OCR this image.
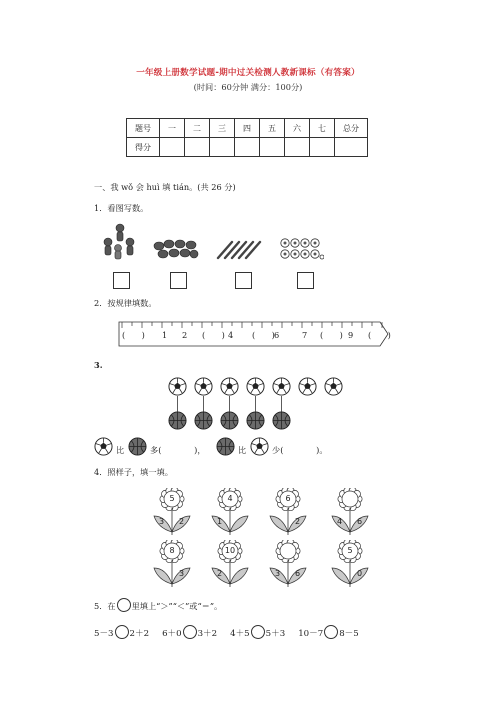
一年级上册数学试题-期中过关检测人教新课标（有答案）
(时间：60分钟 满分：100分)
题号	一	二	三	四	五	六	七	总分
得分								
一、我 wǒ 会 huì 填 tián。(共 26 分)
1．看图写数。
2．按规律填数。
(　　) 1 2 (　　) 4 (　　) 6	7 (　　) 9 (　　)
3.
比	多(　　　　)，	比	少(　　　　)。
4．照样子，填一填。
5
3 2
4
1
6
2	4 6
8
3
10
2	3 6
5
0
5．在 里填上“＞”“＜”或“＝”。
5－3 2＋2 6＋0 3＋2 4＋5 5＋3 10－7 8－5
